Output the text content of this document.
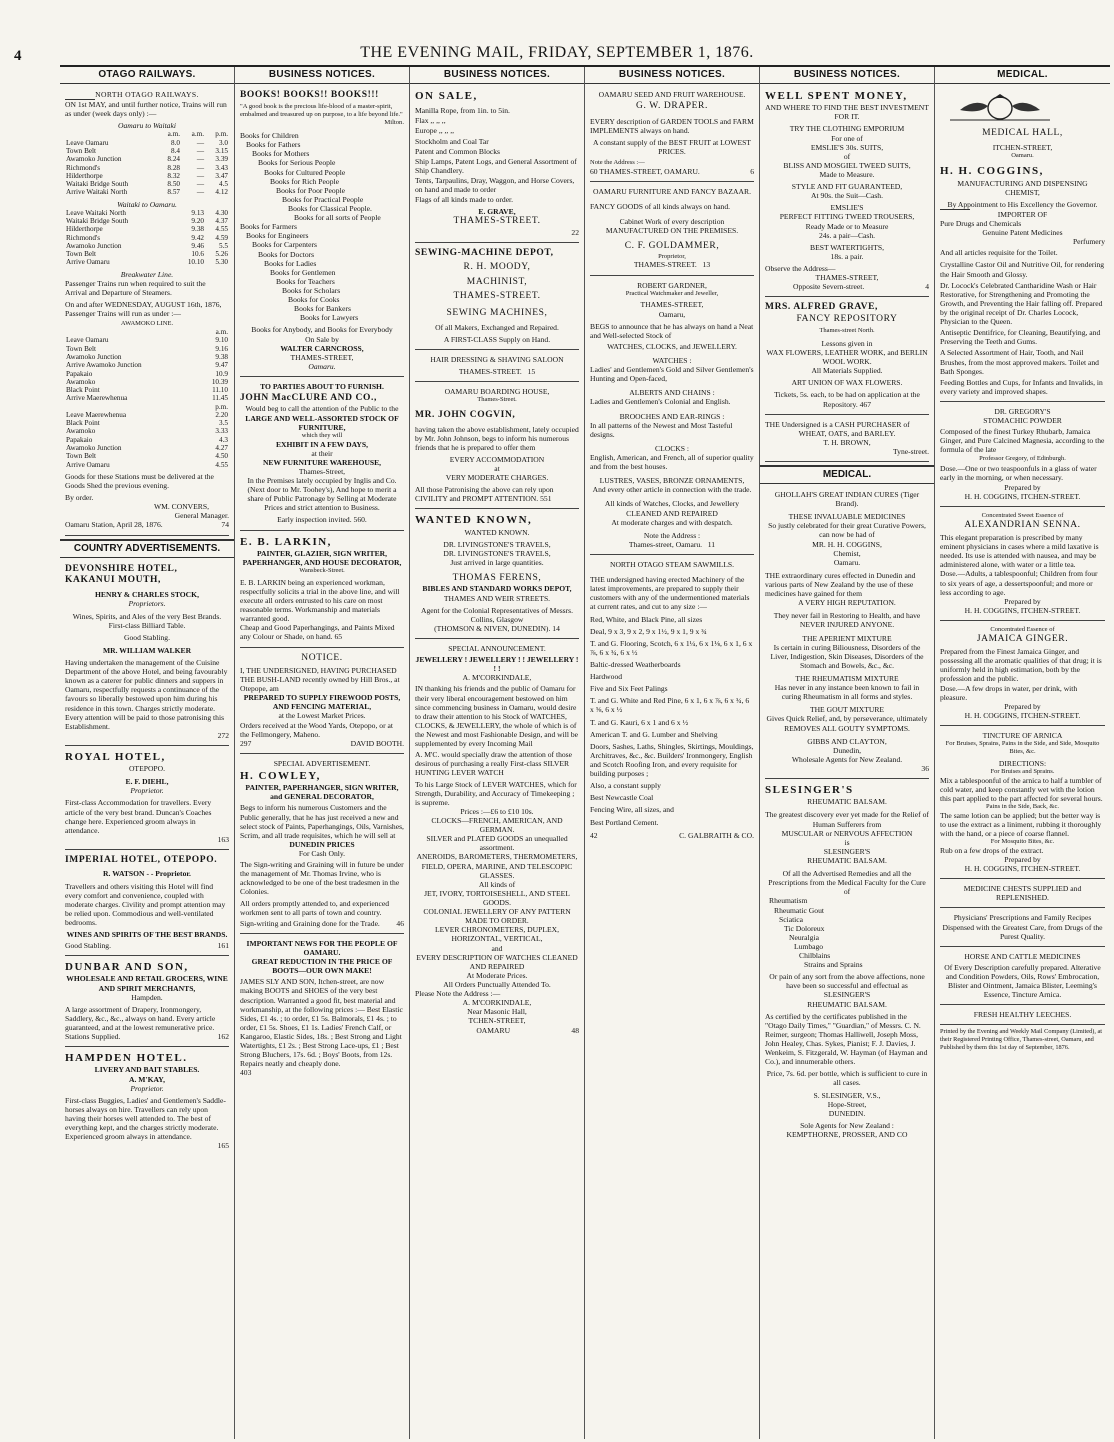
4	THE EVENING MAIL, FRIDAY, SEPTEMBER 1, 1876.
OTAGO RAILWAYS.
NORTH OTAGO RAILWAYS.
ON 1st MAY, and until further notice, Trains will run as under (week days only) :—
Oamaru to Waitaki
	a.m.	a.m.	p.m.
Leave Oamaru	8.0	—	3.0
Town Belt	8.4	—	3.15
Awamoko Junction	8.24	—	3.39
Richmond's	8.28	—	3.43
Hilderthorpe	8.32	—	3.47
Waitaki Bridge South	8.50	—	4.5
Arrive Waitaki North	8.57	—	4.12
Waitaki to Oamaru.
Leave Waitaki North	9.13	4.30
Waitaki Bridge South	9.20	4.37
Hilderthorpe	9.38	4.55
Richmond's	9.42	4.59
Awamoko Junction	9.46	5.5
Town Belt	10.6	5.26
Arrive Oamaru	10.10	5.30
Breakwater Line.
Passenger Trains run when required to suit the Arrival and Departure of Steamers.
On and after WEDNESDAY, AUGUST 16th, 1876, Passenger Trains will run as under :—
AWAMOKO LINE.
	a.m.
Leave Oamaru	9.10
Town Belt	9.16
Awamoko Junction	9.38
Arrive Awamoko Junction	9.47
Papakaio	10.9
Awamoko	10.39
Black Point	11.10
Arrive Maerewhenua	11.45
	p.m.
Leave Maerewhenua	2.20
Black Point	3.5
Awamoko	3.33
Papakaio	4.3
Awamoko Junction	4.27
Town Belt	4.50
Arrive Oamaru	4.55
Goods for these Stations must be delivered at the Goods Shed the previous evening.
By order.
WM. CONVERS,
General Manager.
Oamaru Station, April 28, 1876.	74
COUNTRY ADVERTISEMENTS.
DEVONSHIRE HOTEL, KAKANUI MOUTH,
HENRY & CHARLES STOCK,
Proprietors.
Wines, Spirits, and Ales of the very Best Brands. First-class Billiard Table.
Good Stabling.
MR. WILLIAM WALKER
Having undertaken the management of the Cuisine Department of the above Hotel, and being favourably known as a caterer for public dinners and suppers in Oamaru, respectfully requests a continuance of the favours so liberally bestowed upon him during his residence in this town. Charges strictly moderate. Every attention will be paid to those patronising this Establishment.
272
ROYAL HOTEL,
OTEPOPO.
E. F. DIEHL,
Proprietor.
First-class Accommodation for travellers. Every article of the very best brand. Duncan's Coaches change here. Experienced groom always in attendance.
163
IMPERIAL HOTEL, OTEPOPO.
R. WATSON - - Proprietor.
Travellers and others visiting this Hotel will find every comfort and convenience, coupled with moderate charges. Civility and prompt attention may be relied upon. Commodious and well-ventilated bedrooms.
WINES AND SPIRITS OF THE BEST BRANDS.
Good Stabling.	161
DUNBAR AND SON,
WHOLESALE AND RETAIL GROCERS, WINE AND SPIRIT MERCHANTS,
Hampden.
A large assortment of Drapery, Ironmongery, Saddlery, &c., &c., always on hand. Every article guaranteed, and at the lowest remunerative price.
Stations Supplied.	162
HAMPDEN HOTEL.
LIVERY AND BAIT STABLES.
A. M'KAY,
Proprietor.
First-class Buggies, Ladies' and Gentlemen's Saddle-horses always on hire. Travellers can rely upon having their horses well attended to. The best of everything kept, and the charges strictly moderate. Experienced groom always in attendance.
165
BUSINESS NOTICES.
BOOKS! BOOKS!! BOOKS!!!
"A good book is the precious life-blood of a master-spirit, embalmed and treasured up on purpose, to a life beyond life."
Milton.
Books for Children
Books for Fathers
Books for Mothers
Books for Serious People
Books for Cultured People
Books for Rich People
Books for Poor People
Books for Practical People
Books for Classical People.
Books for all sorts of People
Books for Farmers
Books for Engineers
Books for Carpenters
Books for Doctors
Books for Ladies
Books for Gentlemen
Books for Teachers
Books for Scholars
Books for Cooks
Books for Bankers
Books for Lawyers
Books for Anybody, and Books for Everybody
On Sale by
WALTER CARNCROSS,
THAMES-STREET,
Oamaru.
TO PARTIES ABOUT TO FURNISH.
JOHN MacCLURE AND CO.,
Would beg to call the attention of the Public to the
LARGE AND WELL-ASSORTED STOCK OF FURNITURE,
which they will
EXHIBIT IN A FEW DAYS,
at their
NEW FURNITURE WAREHOUSE,
Thames-Street,
In the Premises lately occupied by Inglis and Co. (Next door to Mr. Toohey's), And hope to merit a share of Public Patronage by Selling at Moderate Prices and strict attention to Business.
Early inspection invited. 560.
E. B. LARKIN,
PAINTER, GLAZIER, SIGN WRITER, PAPERHANGER, AND HOUSE DECORATOR,
Wansbeck-Street.
E. B. LARKIN being an experienced workman, respectfully solicits a trial in the above line, and will execute all orders entrusted to his care on most reasonable terms. Workmanship and materials warranted good.
Cheap and Good Paperhangings, and Paints Mixed any Colour or Shade, on hand. 65
NOTICE.
I, THE UNDERSIGNED, HAVING PURCHASED THE BUSH-LAND recently owned by Hill Bros., at Otepope, am
PREPARED TO SUPPLY FIREWOOD POSTS, AND FENCING MATERIAL,
at the Lowest Market Prices.
Orders received at the Wood Yards, Otepopo, or at the Fellmongery, Maheno.
297	DAVID BOOTH.
SPECIAL ADVERTISEMENT.
H. COWLEY,
PAINTER, PAPERHANGER, SIGN WRITER, and GENERAL DECORATOR,
Begs to inform his numerous Customers and the Public generally, that he has just received a new and select stock of Paints, Paperhangings, Oils, Varnishes, Scrim, and all trade requisites, which he will sell at
DUNEDIN PRICES
For Cash Only.
The Sign-writing and Graining will in future be under the management of Mr. Thomas Irvine, who is acknowledged to be one of the best tradesmen in the Colonies.
All orders promptly attended to, and experienced workmen sent to all parts of town and country.
Sign-writing and Graining done for the Trade. 46
IMPORTANT NEWS FOR THE PEOPLE OF OAMARU.
GREAT REDUCTION IN THE PRICE OF BOOTS—OUR OWN MAKE!
JAMES SLY AND SON, Itchen-street, are now making BOOTS and SHOES of the very best description. Warranted a good fit, best material and workmanship, at the following prices :— Best Elastic Sides, £1 4s. ; to order, £1 5s. Balmorals, £1 4s. ; to order, £1 5s. Shoes, £1 1s. Ladies' French Calf, or Kangaroo, Elastic Sides, 18s. ; Best Strong and Light Watertights, £1 2s. ; Best Strong Lace-ups, £1 ; Best Strong Bluchers, 17s. 6d. ; Boys' Boots, from 12s. Repairs neatly and cheaply done.
403
BUSINESS NOTICES.
ON SALE,
Manilla Rope, from 1in. to 5in.
Flax ,, ,, ,,
Europe ,, ,, ,,
Stockholm and Coal Tar
Patent and Common Blocks
Ship Lamps, Patent Logs, and General Assortment of Ship Chandlery.
Tents, Tarpaulins, Dray, Waggon, and Horse Covers, on hand and made to order
Flags of all kinds made to order.
E. GRAVE,
THAMES-STREET.
22
SEWING-MACHINE DEPOT,
R. H. MOODY,
MACHINIST,
THAMES-STREET.
SEWING MACHINES,
Of all Makers, Exchanged and Repaired.
A FIRST-CLASS Supply on Hand.
HAIR DRESSING & SHAVING SALOON
THAMES-STREET. 15
OAMARU BOARDING HOUSE,
Thames-Street.
MR. JOHN COGVIN,
having taken the above establishment, lately occupied by Mr. John Johnson, begs to inform his numerous friends that he is prepared to offer them
EVERY ACCOMMODATION
at
VERY MODERATE CHARGES.
All those Patronising the above can rely upon CIVILITY and PROMPT ATTENTION. 551
WANTED KNOWN,
WANTED KNOWN.
DR. LIVINGSTONE'S TRAVELS,
DR. LIVINGSTONE'S TRAVELS,
Just arrived in large quantities.
THOMAS FERENS,
BIBLES AND STANDARD WORKS DEPOT,
THAMES AND WEIR STREETS.
Agent for the Colonial Representatives of Messrs. Collins, Glasgow
(THOMSON & NIVEN, DUNEDIN). 14
SPECIAL ANNOUNCEMENT.
JEWELLERY ! JEWELLERY ! ! JEWELLERY ! ! !
A. M'CORKINDALE,
IN thanking his friends and the public of Oamaru for their very liberal encouragement bestowed on him since commencing business in Oamaru, would desire to draw their attention to his Stock of WATCHES, CLOCKS, & JEWELLERY, the whole of which is of the Newest and most Fashionable Design, and will be supplemented by every Incoming Mail
A. M'C. would specially draw the attention of those desirous of purchasing a really First-class SILVER HUNTING LEVER WATCH
To his Large Stock of LEVER WATCHES, which for Strength, Durability, and Accuracy of Timekeeping ; is supreme.
Prices :—£6 to £10 10s.
CLOCKS—FRENCH, AMERICAN, AND GERMAN.
SILVER and PLATED GOODS an unequalled assortment.
ANEROIDS, BAROMETERS, THERMOMETERS, FIELD, OPERA, MARINE, AND TELESCOPIC GLASSES.
All kinds of
JET, IVORY, TORTOISESHELL, AND STEEL GOODS.
COLONIAL JEWELLERY OF ANY PATTERN MADE TO ORDER.
LEVER CHRONOMETERS, DUPLEX, HORIZONTAL, VERTICAL,
and
EVERY DESCRIPTION OF WATCHES CLEANED AND REPAIRED
At Moderate Prices.
All Orders Punctually Attended To.
Please Note the Address :—
A. M'CORKINDALE,
Near Masonic Hall,
TCHEN-STREET,
OAMARU	48
BUSINESS NOTICES.
OAMARU SEED AND FRUIT WAREHOUSE.
G. W. DRAPER.
EVERY description of GARDEN TOOLS and FARM IMPLEMENTS always on hand.
A constant supply of the BEST FRUIT at LOWEST PRICES.
Note the Address :—
60 THAMES-STREET, OAMARU.	6
OAMARU FURNITURE AND FANCY BAZAAR.
FANCY GOODS of all kinds always on hand.
Cabinet Work of every description MANUFACTURED ON THE PREMISES.
C. F. GOLDAMMER,
Proprietor,
THAMES-STREET. 13
ROBERT GARDNER,
Practical Watchmaker and Jeweller,
THAMES-STREET,
Oamaru,
BEGS to announce that he has always on hand a Neat and Well-selected Stock of
WATCHES, CLOCKS, and JEWELLERY.
WATCHES :
Ladies' and Gentlemen's Gold and Silver Gentlemen's Hunting and Open-faced,
ALBERTS AND CHAINS :
Ladies and Gentlemen's Colonial and English.
BROOCHES AND EAR-RINGS :
In all patterns of the Newest and Most Tasteful designs.
CLOCKS :
English, American, and French, all of superior quality and from the best houses.
LUSTRES, VASES, BRONZE ORNAMENTS,
And every other article in connection with the trade.
All kinds of Watches, Clocks, and Jewellery
CLEANED AND REPAIRED
At moderate charges and with despatch.
Note the Address :
Thames-street, Oamaru. 11
NORTH OTAGO STEAM SAWMILLS.
THE undersigned having erected Machinery of the latest improvements, are prepared to supply their customers with any of the undermentioned materials at current rates, and cut to any size :—
Red, White, and Black Pine, all sizes
Deal, 9 x 3, 9 x 2, 9 x 1½, 9 x 1, 9 x ¾
T. and G. Flooring, Scotch, 6 x 1¼, 6 x 1⅛, 6 x 1, 6 x ⅞, 6 x ¾, 6 x ½
Baltic-dressed Weatherboards
Hardwood
Five and Six Feet Palings
T. and G. White and Red Pine, 6 x 1, 6 x ⅞, 6 x ¾, 6 x ⅝, 6 x ½
T. and G. Kauri, 6 x 1 and 6 x ½
American T. and G. Lumber and Shelving
Doors, Sashes, Laths, Shingles, Skirtings, Mouldings, Architraves, &c., &c. Builders' Ironmongery, English and Scotch Roofing Iron, and every requisite for building purposes ;
Also, a constant supply
Best Newcastle Coal
Fencing Wire, all sizes, and
Best Portland Cement.
42	C. GALBRAITH & CO.
BUSINESS NOTICES.
WELL SPENT MONEY,
AND WHERE TO FIND THE BEST INVESTMENT FOR IT.
TRY THE CLOTHING EMPORIUM
For one of
EMSLIE'S 30s. SUITS,
of
BLISS AND MOSGIEL TWEED SUITS,
Made to Measure.
STYLE AND FIT GUARANTEED,
At 90s. the Suit—Cash.
EMSLIE'S
PERFECT FITTING TWEED TROUSERS,
Ready Made or to Measure
24s. a pair—Cash.
BEST WATERTIGHTS,
18s. a pair.
Observe the Address—
THAMES-STREET,
Opposite Severn-street.	4
MRS. ALFRED GRAVE,
FANCY REPOSITORY
Thames-street North.
Lessons given in
WAX FLOWERS, LEATHER WORK, and BERLIN WOOL WORK.
All Materials Supplied.
ART UNION OF WAX FLOWERS.
Tickets, 5s. each, to be had on application at the Repository. 467
THE Undersigned is a CASH PURCHASER of
WHEAT, OATS, and BARLEY.
T. H. BROWN,
Tyne-street.
MEDICAL.
GHOLLAH'S GREAT INDIAN CURES (Tiger Brand).
THESE INVALUABLE MEDICINES
So justly celebrated for their great Curative Powers, can now be had of
MR. H. H. COGGINS,
Chemist,
Oamaru.
THE extraordinary cures effected in Dunedin and various parts of New Zealand by the use of these medicines have gained for them
A VERY HIGH REPUTATION.
They never fail in Restoring to Health, and have
NEVER INJURED ANYONE.
THE APERIENT MIXTURE
Is certain in curing Biliousness, Disorders of the Liver, Indigestion, Skin Diseases, Disorders of the Stomach and Bowels, &c., &c.
THE RHEUMATISM MIXTURE
Has never in any instance been known to fail in curing Rheumatism in all forms and styles.
THE GOUT MIXTURE
Gives Quick Relief, and, by perseverance, ultimately
REMOVES ALL GOUTY SYMPTOMS.
GIBBS AND CLAYTON,
Dunedin,
Wholesale Agents for New Zealand.
36
SLESINGER'S
RHEUMATIC BALSAM.
The greatest discovery ever yet made for the Relief of Human Sufferers from
MUSCULAR or NERVOUS AFFECTION
is
SLESINGER'S
RHEUMATIC BALSAM.
Of all the Advertised Remedies and all the Prescriptions from the Medical Faculty for the Cure of
Rheumatism
Rheumatic Gout
Sciatica
Tic Doloreux
Neuralgia
Lumbago
Chilblains
Strains and Sprains
Or pain of any sort from the above affections, none have been so successful and effectual as
SLESINGER'S
RHEUMATIC BALSAM.
As certified by the certificates published in the "Otago Daily Times," "Guardian," of Messrs. C. N. Reimer, surgeon; Thomas Halliwell, Joseph Moss, John Healey, Chas. Sykes, Pianist; F. J. Davies, J. Wenkeim, S. Fitzgerald, W. Hayman (of Hayman and Co.), and innumerable others.
Price, 7s. 6d. per bottle, which is sufficient to cure in all cases.
S. SLESINGER, V.S.,
Hope-Street,
DUNEDIN.
Sole Agents for New Zealand :
KEMPTHORNE, PROSSER, AND CO
MEDICAL.
MEDICAL HALL,
ITCHEN-STREET,
Oamaru.
H. H. COGGINS,
MANUFACTURING AND DISPENSING CHEMIST,
By Appointment to His Excellency the Governor.
IMPORTER OF
Pure Drugs and Chemicals
Genuine Patent Medicines
Perfumery
And all articles requisite for the Toilet.
Crystalline Castor Oil and Nutritive Oil, for rendering the Hair Smooth and Glossy.
Dr. Locock's Celebrated Cantharidine Wash or Hair Restorative, for Strengthening and Promoting the Growth, and Preventing the Hair falling off. Prepared by the original receipt of Dr. Charles Locock, Physician to the Queen.
Antiseptic Dentifrice, for Cleaning, Beautifying, and Preserving the Teeth and Gums.
A Selected Assortment of Hair, Tooth, and Nail Brushes, from the most approved makers. Toilet and Bath Sponges.
Feeding Bottles and Cups, for Infants and Invalids, in every variety and improved shapes.
DR. GREGORY'S
STOMACHIC POWDER
Composed of the finest Turkey Rhubarb, Jamaica Ginger, and Pure Calcined Magnesia, according to the formula of the late
Professor Gregory, of Edinburgh.
Dose.—One or two teaspoonfuls in a glass of water early in the morning, or when necessary.
Prepared by
H. H. COGGINS, ITCHEN-STREET.
Concentrated Sweet Essence of
ALEXANDRIAN SENNA.
This elegant preparation is prescribed by many eminent physicians in cases where a mild laxative is needed. Its use is attended with nausea, and may be administered alone, with water or a little tea.
Dose.—Adults, a tablespoonful; Children from four to six years of age, a dessertspoonful; and more or less according to age.
Prepared by
H. H. COGGINS, ITCHEN-STREET.
Concentrated Essence of
JAMAICA GINGER.
Prepared from the Finest Jamaica Ginger, and possessing all the aromatic qualities of that drug; it is uniformly held in high estimation, both by the profession and the public.
Dose.—A few drops in water, per drink, with pleasure.
Prepared by
H. H. COGGINS, ITCHEN-STREET.
TINCTURE OF ARNICA
For Bruises, Sprains, Pains in the Side, and Side, Mosquito Bites, &c.
DIRECTIONS:
For Bruises and Sprains.
Mix a tablespoonful of the arnica to half a tumbler of cold water, and keep constantly wet with the lotion this part applied to the part affected for several hours.
Pains in the Side, Back, &c.
The same lotion can be applied; but the better way is to use the extract as a liniment, rubbing it thoroughly with the hand, or a piece of coarse flannel.
For Mosquito Bites, &c.
Rub on a few drops of the extract.
Prepared by
H. H. COGGINS, ITCHEN-STREET.
MEDICINE CHESTS SUPPLIED and REPLENISHED.
Physicians' Prescriptions and Family Recipes Dispensed with the Greatest Care, from Drugs of the Purest Quality.
HORSE AND CATTLE MEDICINES
Of Every Description carefully prepared. Alterative and Condition Powders, Oils, Rows' Embrocation, Blister and Ointment, Jamaica Blister, Leeming's Essence, Tincture Arnica.
FRESH HEALTHY LEECHES.
Printed by the Evening and Weekly Mail Company (Limited), at their Registered Printing Office, Thames-street, Oamaru, and Published by them this 1st day of September, 1876.
